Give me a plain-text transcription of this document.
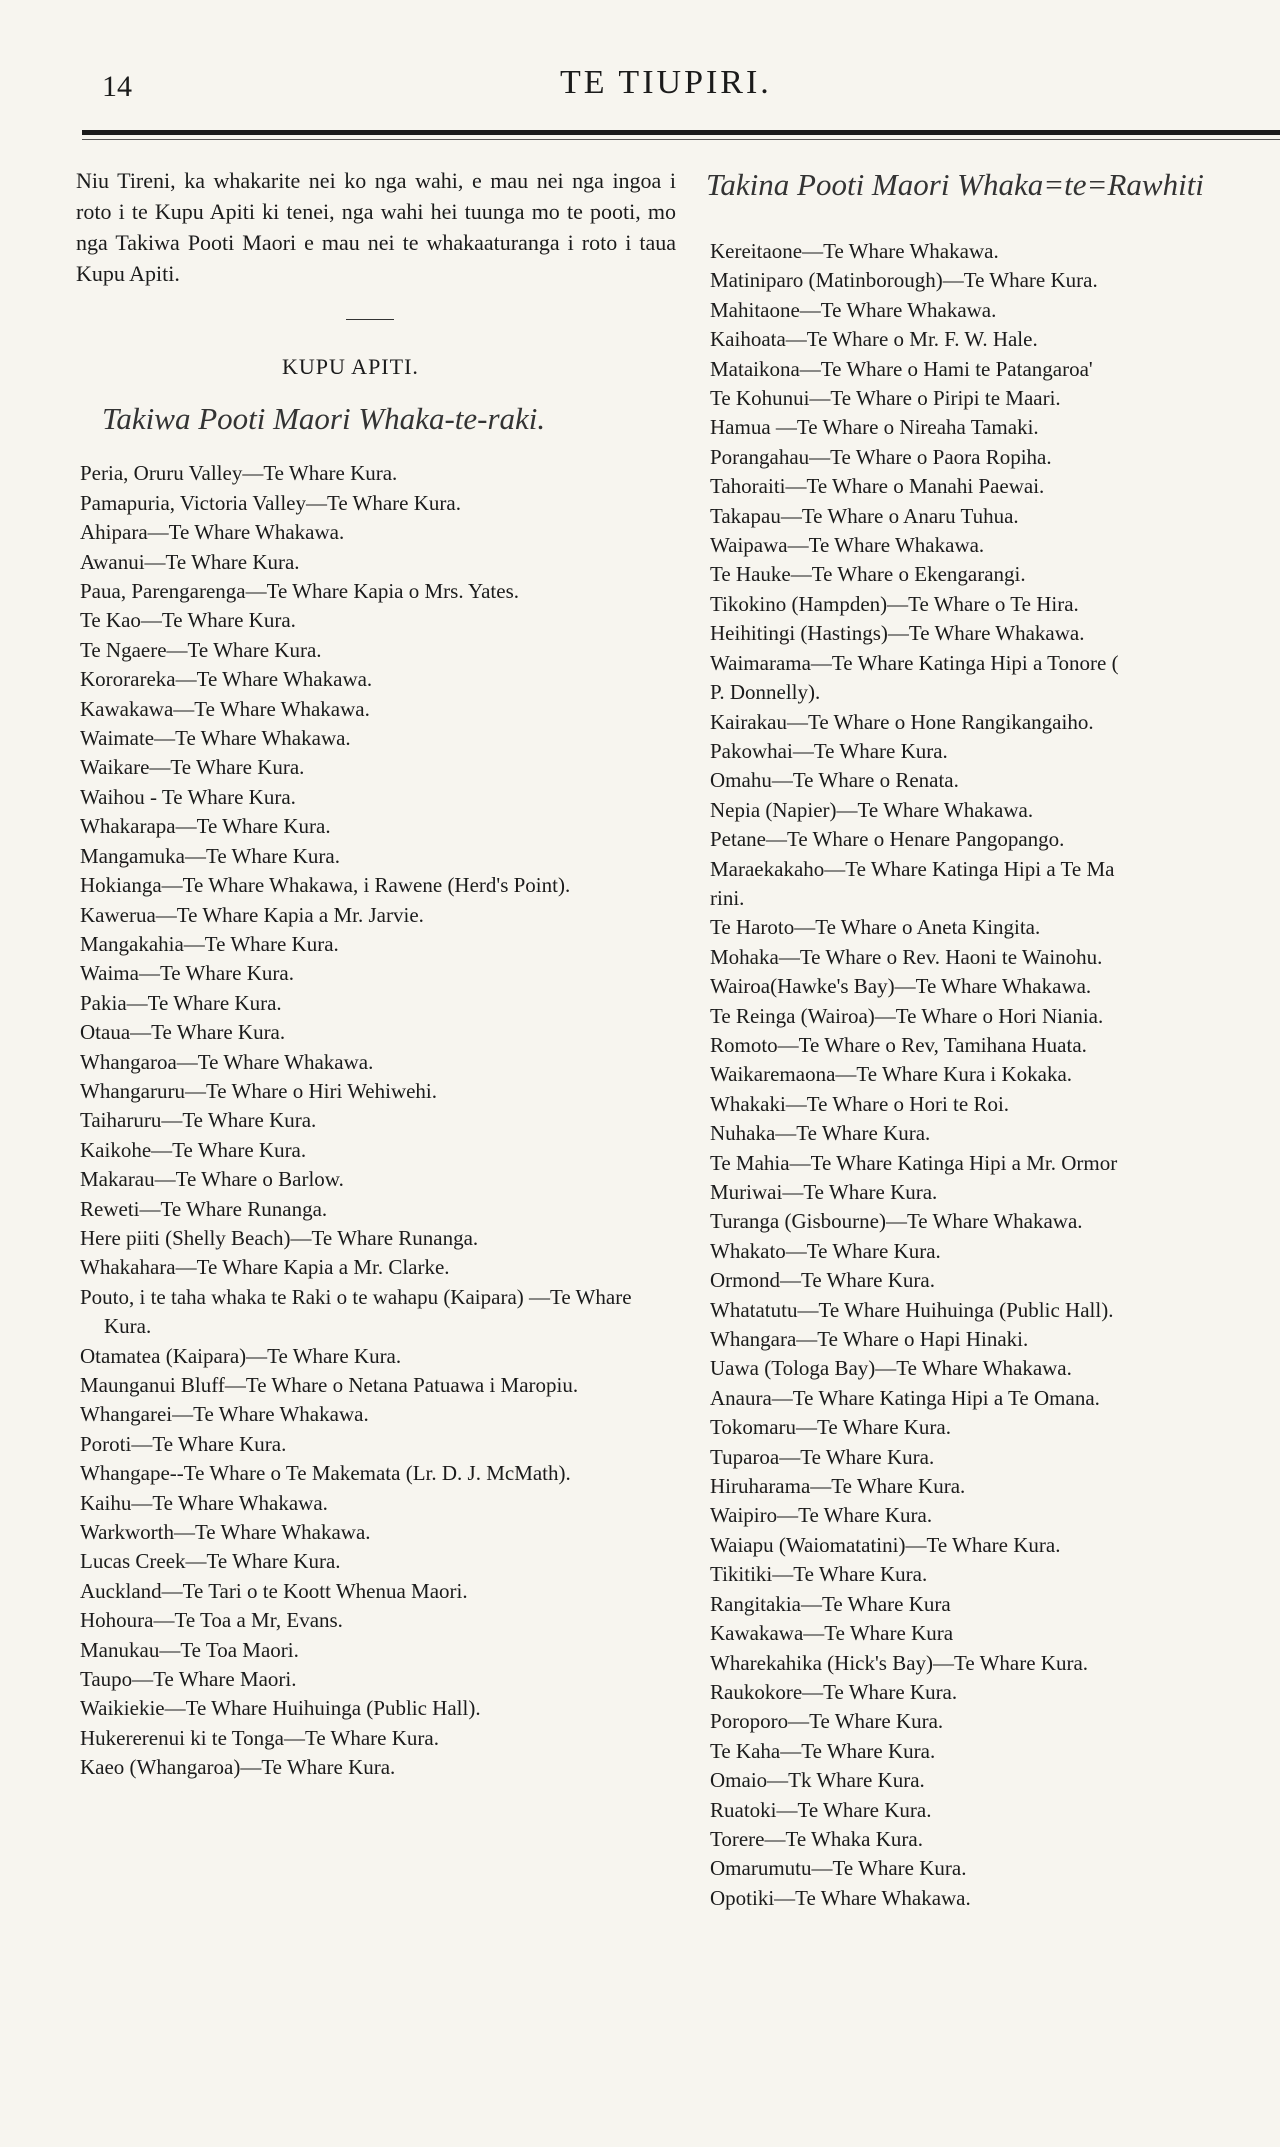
14	TE TIUPIRI.

Niu Tireni, ka whakarite nei ko nga wahi, e mau nei nga ingoa i roto i te Kupu Apiti ki tenei, nga wahi hei tuunga mo te pooti, mo nga Takiwa Pooti Maori e mau nei te whakaaturanga i roto i taua Kupu Apiti.

KUPU APITI.
Takiwa Pooti Maori Whaka-te-raki.
Peria, Oruru Valley—Te Whare Kura.
Pamapuria, Victoria Valley—Te Whare Kura.
Ahipara—Te Whare Whakawa.
Awanui—Te Whare Kura.
Paua, Parengarenga—Te Whare Kapia o Mrs. Yates.
Te Kao—Te Whare Kura.
Te Ngaere—Te Whare Kura.
Kororareka—Te Whare Whakawa.
Kawakawa—Te Whare Whakawa.
Waimate—Te Whare Whakawa.
Waikare—Te Whare Kura.
Waihou - Te Whare Kura.
Whakarapa—Te Whare Kura.
Mangamuka—Te Whare Kura.
Hokianga—Te Whare Whakawa, i Rawene (Herd's Point).
Kawerua—Te Whare Kapia a Mr. Jarvie.
Mangakahia—Te Whare Kura.
Waima—Te Whare Kura.
Pakia—Te Whare Kura.
Otaua—Te Whare Kura.
Whangaroa—Te Whare Whakawa.
Whangaruru—Te Whare o Hiri Wehiwehi.
Taiharuru—Te Whare Kura.
Kaikohe—Te Whare Kura.
Makarau—Te Whare o Barlow.
Reweti—Te Whare Runanga.
Here piiti (Shelly Beach)—Te Whare Runanga.
Whakahara—Te Whare Kapia a Mr. Clarke.
Pouto, i te taha whaka te Raki o te wahapu (Kaipara) —Te Whare Kura.
Otamatea (Kaipara)—Te Whare Kura.
Maunganui Bluff—Te Whare o Netana Patuawa i Maropiu.
Whangarei—Te Whare Whakawa.
Poroti—Te Whare Kura.
Whangape--Te Whare o Te Makemata (Lr. D. J. McMath).
Kaihu—Te Whare Whakawa.
Warkworth—Te Whare Whakawa.
Lucas Creek—Te Whare Kura.
Auckland—Te Tari o te Koott Whenua Maori.
Hohoura—Te Toa a Mr, Evans.
Manukau—Te Toa Maori.
Taupo—Te Whare Maori.
Waikiekie—Te Whare Huihuinga (Public Hall).
Hukererenui ki te Tonga—Te Whare Kura.
Kaeo (Whangaroa)—Te Whare Kura.
Takina Pooti Maori Whaka=te=Rawhiti
Kereitaone—Te Whare Whakawa.
Matiniparo (Matinborough)—Te Whare Kura.
Mahitaone—Te Whare Whakawa.
Kaihoata—Te Whare o Mr. F. W. Hale.
Mataikona—Te Whare o Hami te Patangaroa'
Te Kohunui—Te Whare o Piripi te Maari.
Hamua —Te Whare o Nireaha Tamaki.
Porangahau—Te Whare o Paora Ropiha.
Tahoraiti—Te Whare o Manahi Paewai.
Takapau—Te Whare o Anaru Tuhua.
Waipawa—Te Whare Whakawa.
Te Hauke—Te Whare o Ekengarangi.
Tikokino (Hampden)—Te Whare o Te Hira.
Heihitingi (Hastings)—Te Whare Whakawa.
Waimarama—Te Whare Katinga Hipi a Tonore (
P. Donnelly).
Kairakau—Te Whare o Hone Rangikangaiho.
Pakowhai—Te Whare Kura.
Omahu—Te Whare o Renata.
Nepia (Napier)—Te Whare Whakawa.
Petane—Te Whare o Henare Pangopango.
Maraekakaho—Te Whare Katinga Hipi a Te Ma
rini.
Te Haroto—Te Whare o Aneta Kingita.
Mohaka—Te Whare o Rev. Haoni te Wainohu.
Wairoa(Hawke's Bay)—Te Whare Whakawa.
Te Reinga (Wairoa)—Te Whare o Hori Niania.
Romoto—Te Whare o Rev, Tamihana Huata.
Waikaremaona—Te Whare Kura i Kokaka.
Whakaki—Te Whare o Hori te Roi.
Nuhaka—Te Whare Kura.
Te Mahia—Te Whare Katinga Hipi a Mr. Ormor
Muriwai—Te Whare Kura.
Turanga (Gisbourne)—Te Whare Whakawa.
Whakato—Te Whare Kura.
Ormond—Te Whare Kura.
Whatatutu—Te Whare Huihuinga (Public Hall).
Whangara—Te Whare o Hapi Hinaki.
Uawa (Tologa Bay)—Te Whare Whakawa.
Anaura—Te Whare Katinga Hipi a Te Omana.
Tokomaru—Te Whare Kura.
Tuparoa—Te Whare Kura.
Hiruharama—Te Whare Kura.
Waipiro—Te Whare Kura.
Waiapu (Waiomatatini)—Te Whare Kura.
Tikitiki—Te Whare Kura.
Rangitakia—Te Whare Kura
Kawakawa—Te Whare Kura
Wharekahika (Hick's Bay)—Te Whare Kura.
Raukokore—Te Whare Kura.
Poroporo—Te Whare Kura.
Te Kaha—Te Whare Kura.
Omaio—Tk Whare Kura.
Ruatoki—Te Whare Kura.
Torere—Te Whaka Kura.
Omarumutu—Te Whare Kura.
Opotiki—Te Whare Whakawa.
